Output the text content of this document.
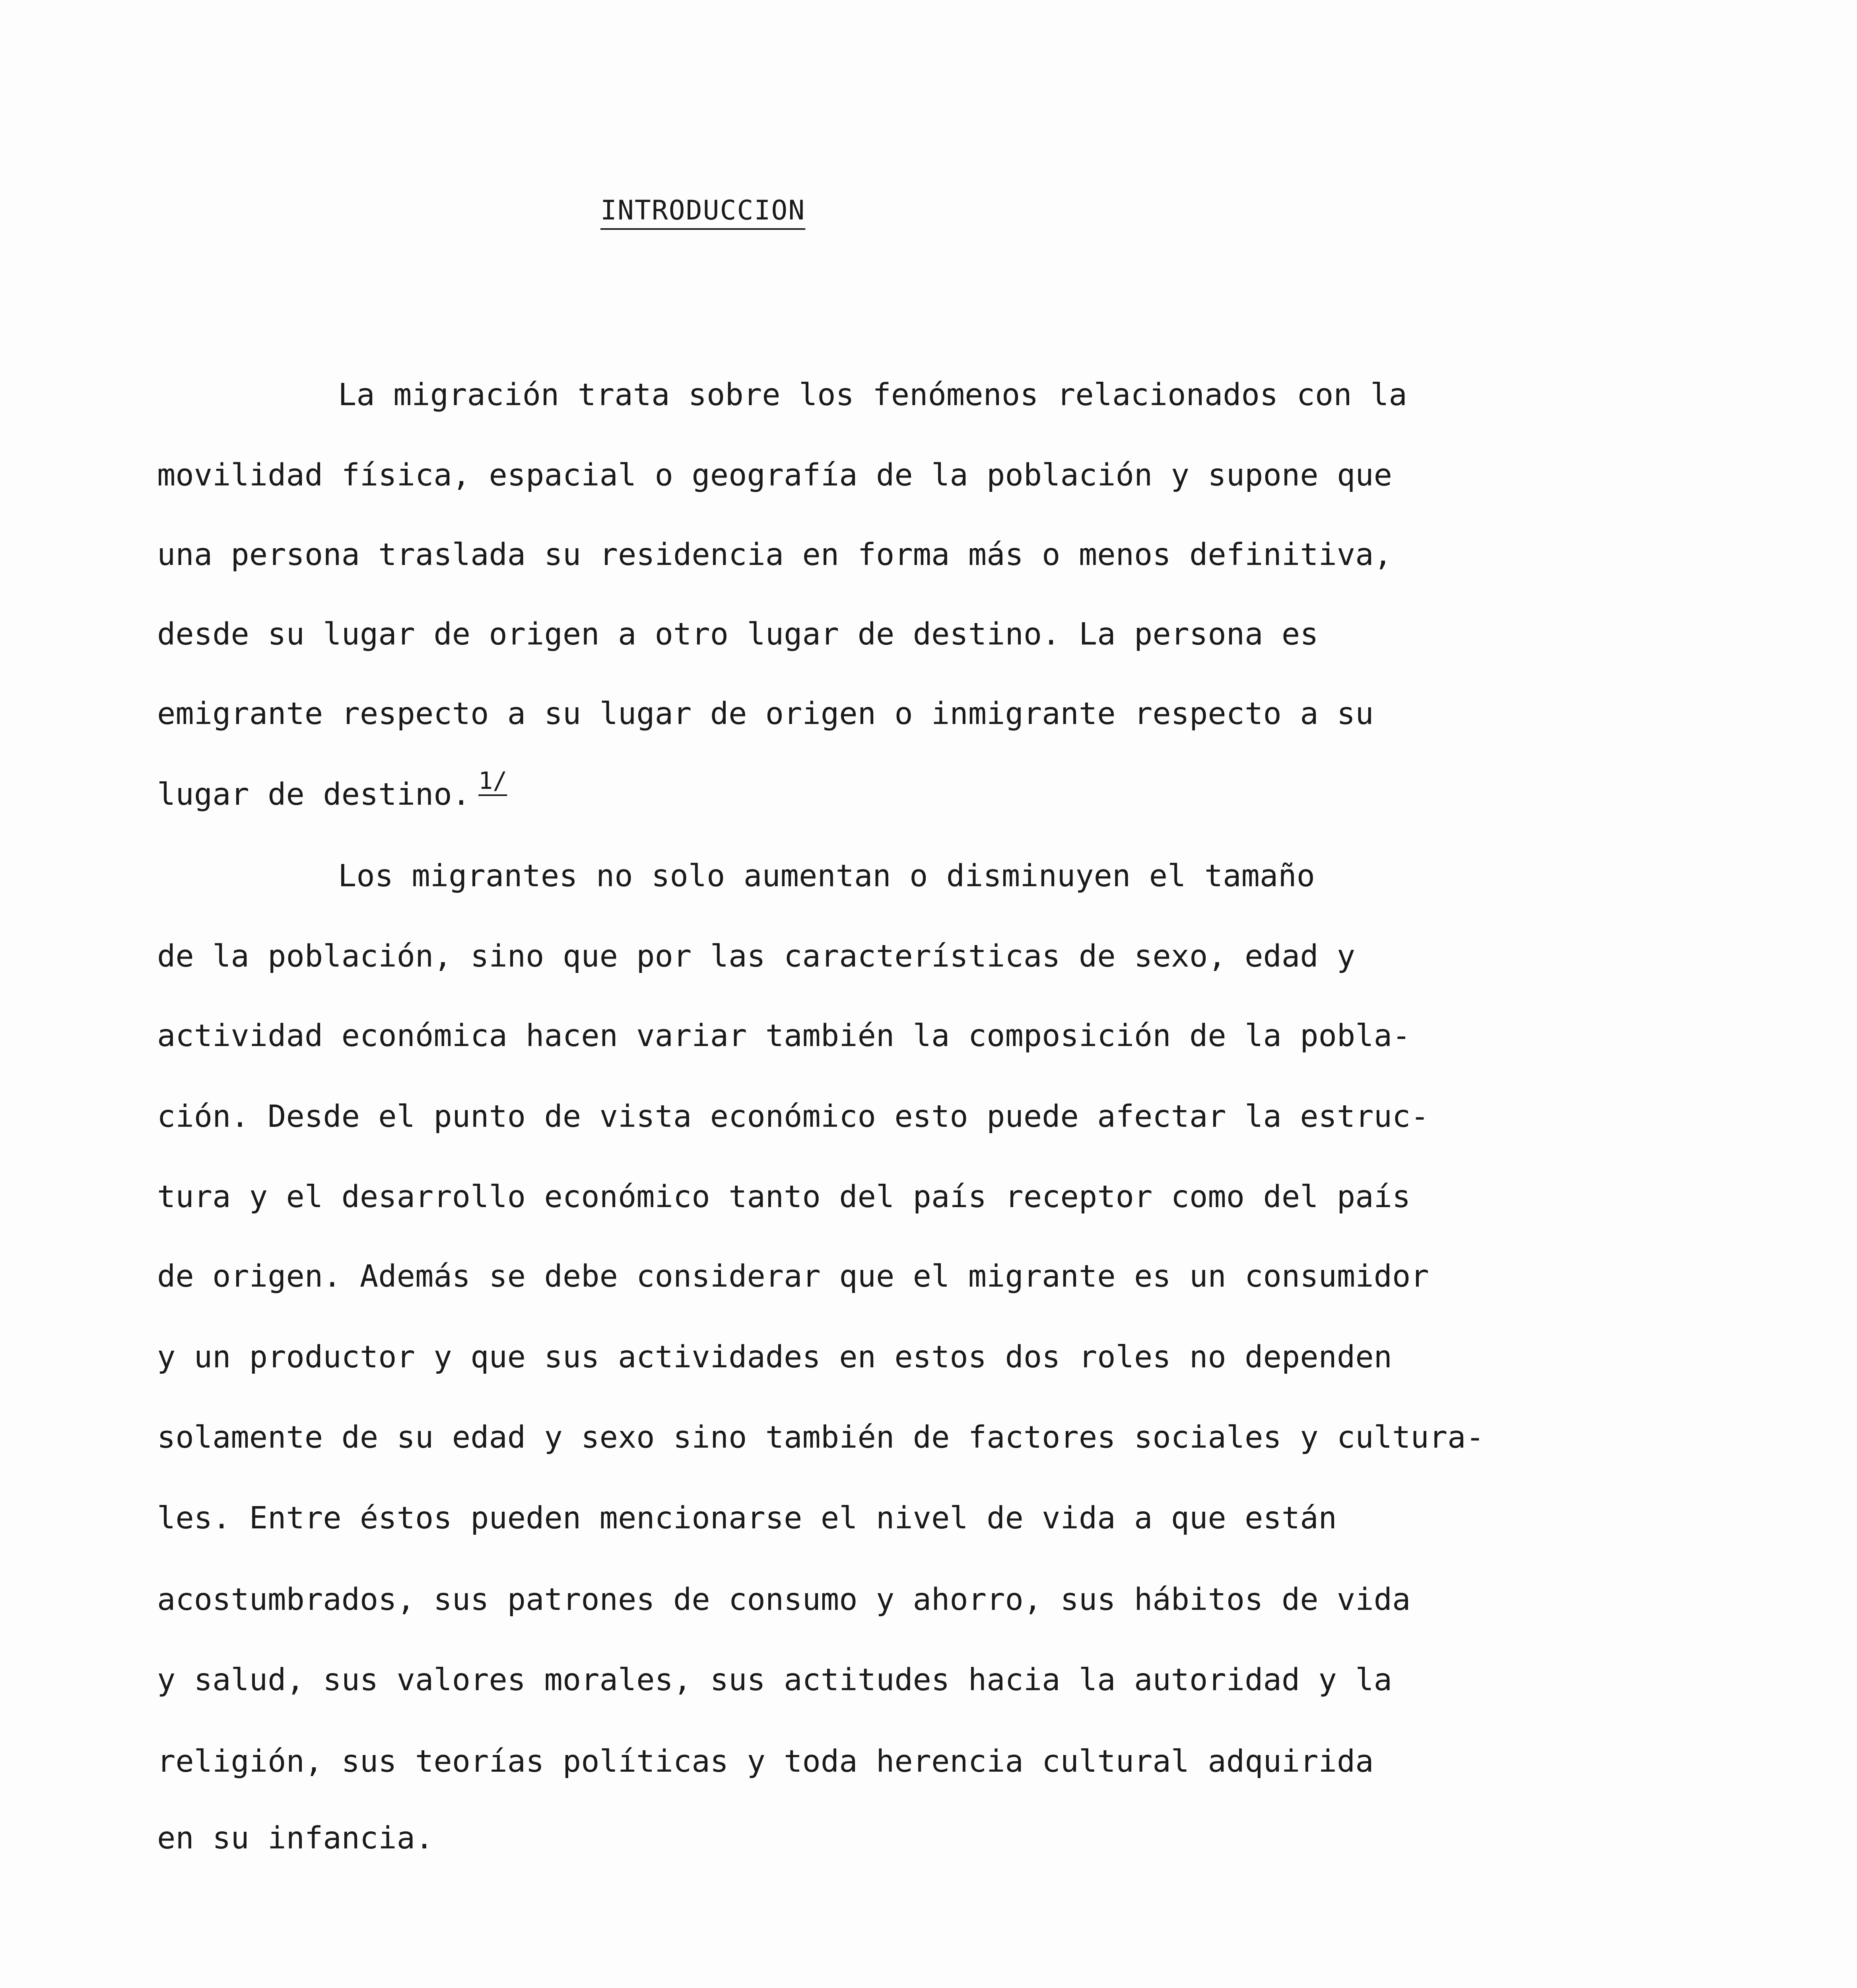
INTRODUCCION
La migración trata sobre los fenómenos relacionados con la
movilidad física, espacial o geografía de la población y supone que
una persona traslada su residencia en forma más o menos definitiva,
desde su lugar de origen a otro lugar de destino. La persona es
emigrante respecto a su lugar de origen o inmigrante respecto a su
lugar de destino. $^{1/}$
Los migrantes no solo aumentan o disminuyen el tamaño
de la población, sino que por las características de sexo, edad y
actividad económica hacen variar también la composición de la pobla-
ción. Desde el punto de vista económico esto puede afectar la estruc-
tura y el desarrollo económico tanto del país receptor como del país
de origen. Además se debe considerar que el migrante es un consumidor
y un productor y que sus actividades en estos dos roles no dependen
solamente de su edad y sexo sino también de factores sociales y cultura-
les. Entre éstos pueden mencionarse el nivel de vida a que están
acostumbrados, sus patrones de consumo y ahorro, sus hábitos de vida
y salud, sus valores morales, sus actitudes hacia la autoridad y la
religión, sus teorías políticas y toda herencia cultural adquirida
en su infancia.
